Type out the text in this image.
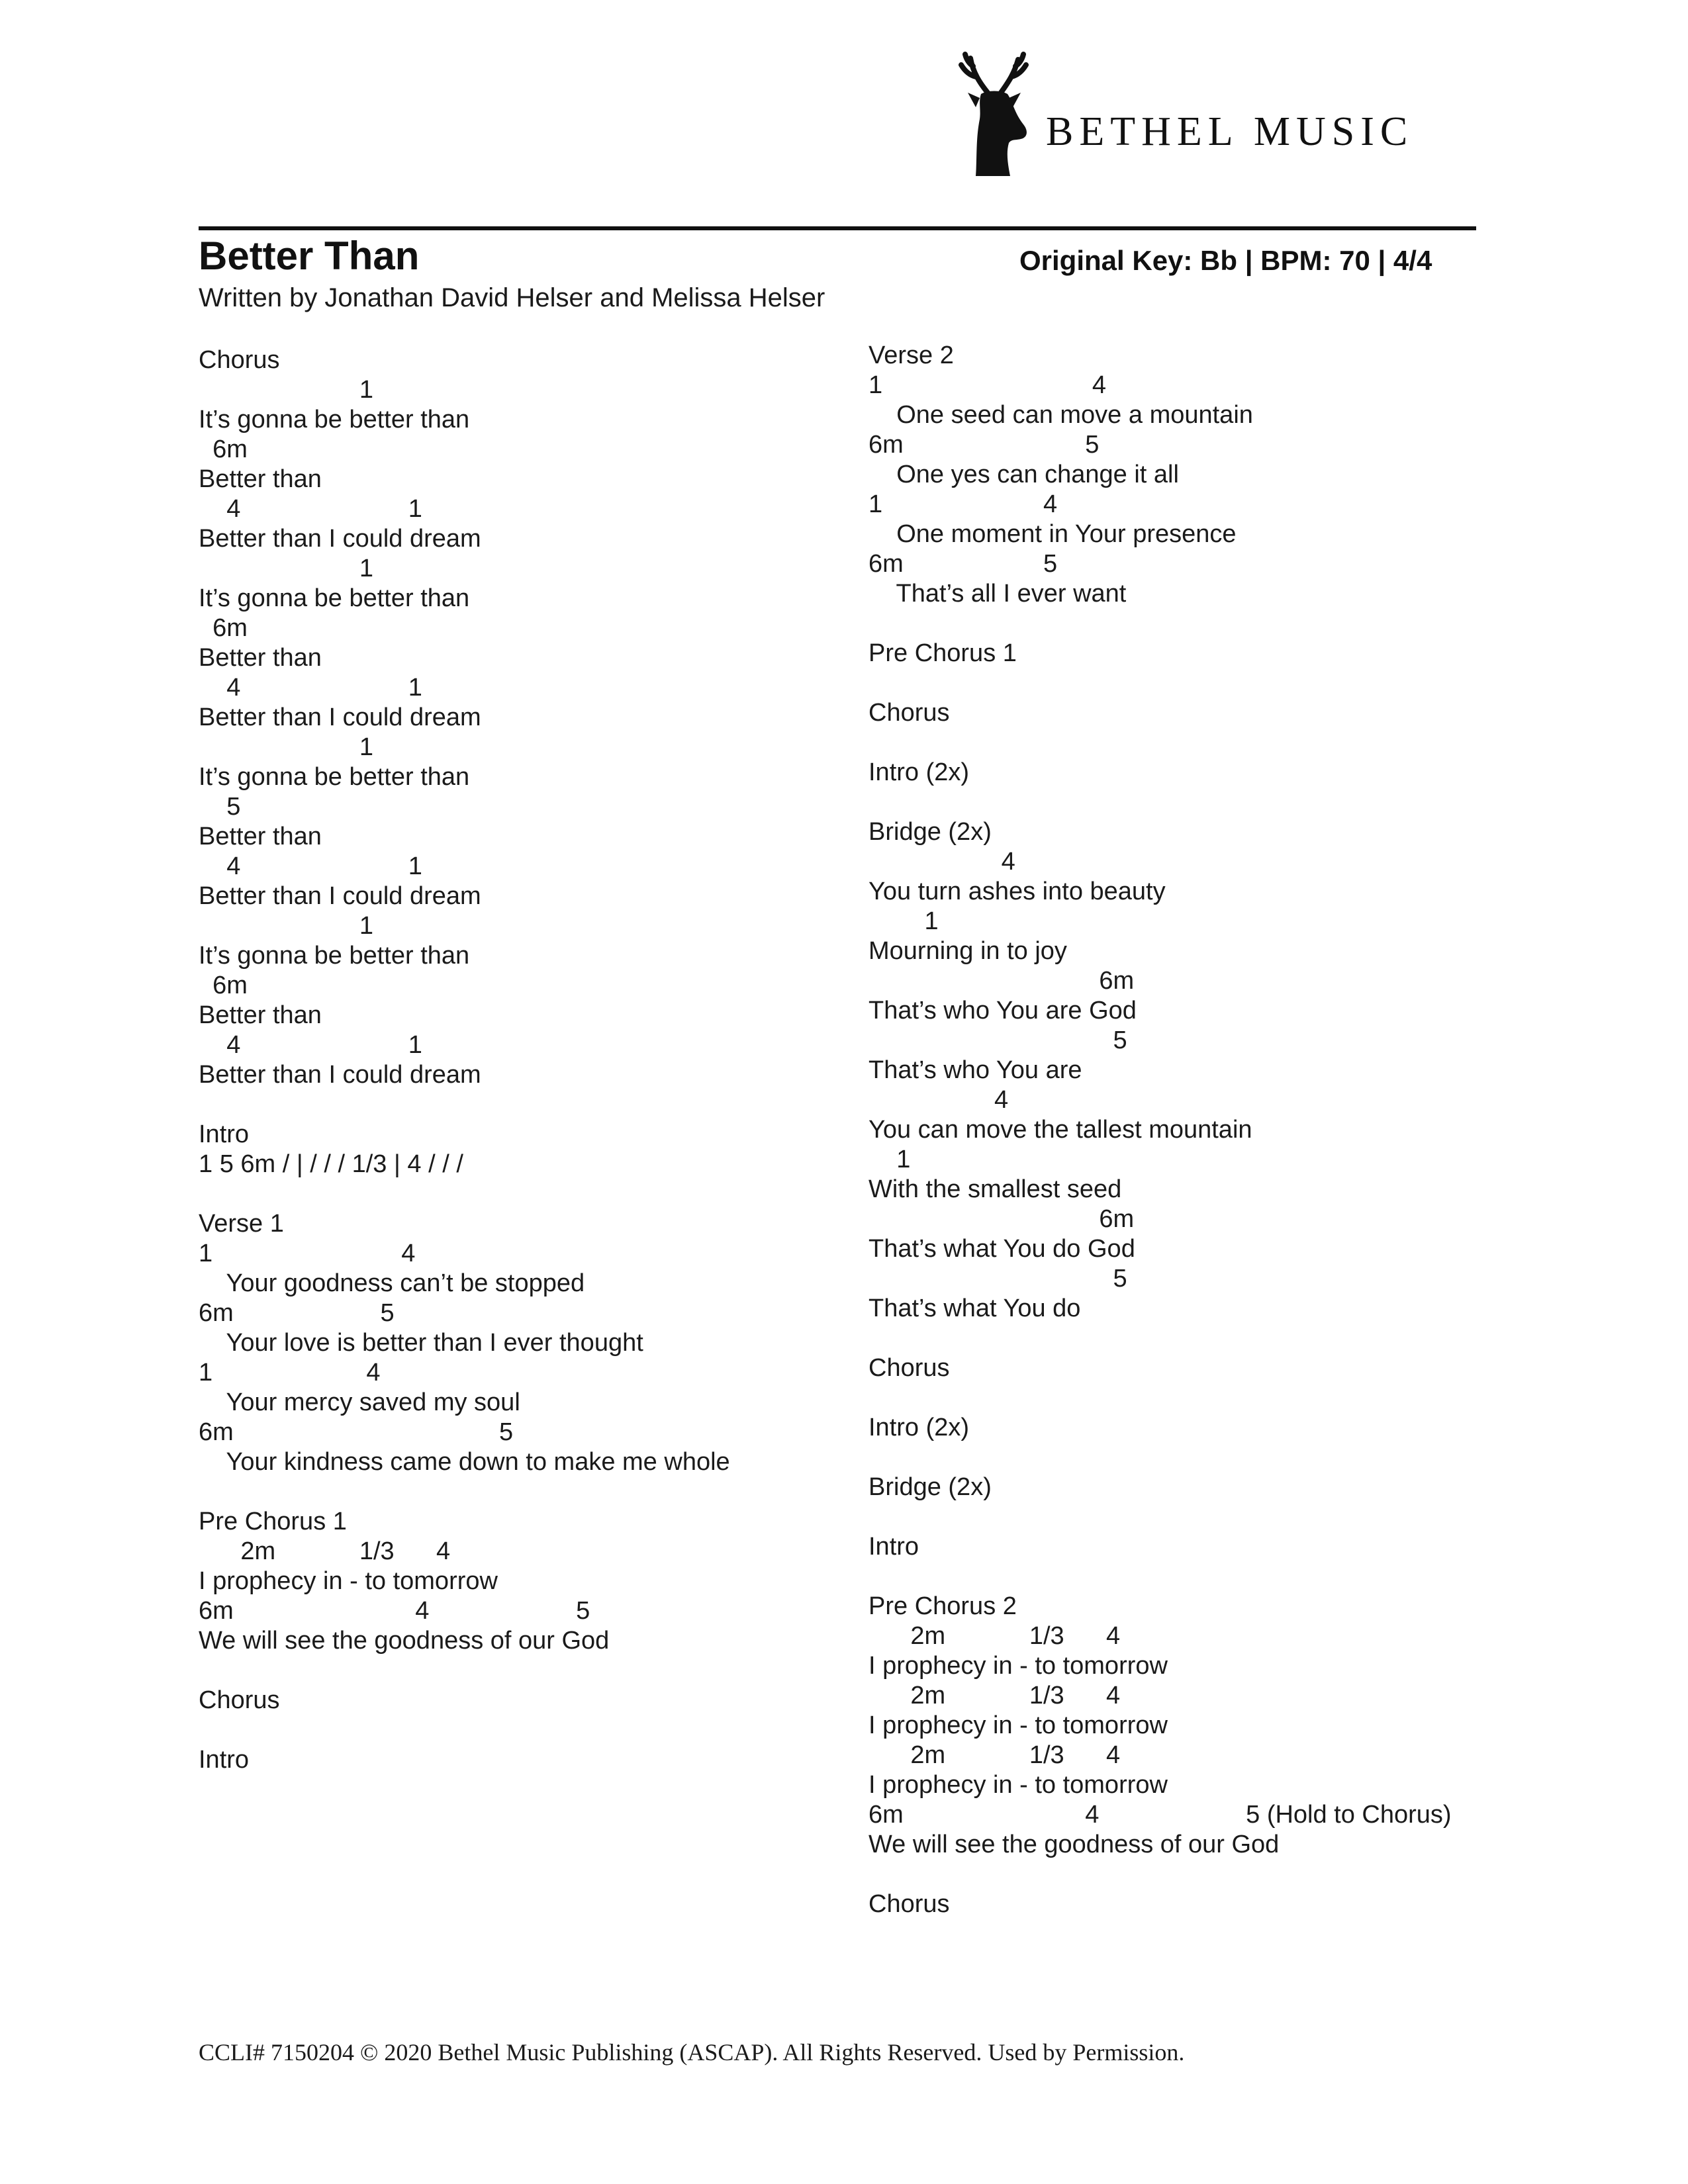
BETHEL MUSIC
Better Than	Original Key: Bb | BPM: 70 | 4/4
Written by Jonathan David Helser and Melissa Helser
Chorus
1
It’s gonna be better than
6m
Better than
4                        1
Better than I could dream
1
It’s gonna be better than
6m
Better than
4                        1
Better than I could dream
1
It’s gonna be better than
5
Better than
4                        1
Better than I could dream
1
It’s gonna be better than
6m
Better than
4                        1
Better than I could dream
Intro
1 5 6m / | / / / 1/3 | 4 / / /
Verse 1
1                           4
Your goodness can’t be stopped
6m                     5
Your love is better than I ever thought
1                      4
Your mercy saved my soul
6m                                      5
Your kindness came down to make me whole
Pre Chorus 1
2m            1/3      4
I prophecy in - to tomorrow
6m                          4                     5
We will see the goodness of our God
Chorus
Intro
Verse 2
1                              4
One seed can move a mountain
6m                          5
One yes can change it all
1                       4
One moment in Your presence
6m                    5
That’s all I ever want
Pre Chorus 1
Chorus
Intro (2x)
Bridge (2x)
4
You turn ashes into beauty
1
Mourning in to joy
6m
That’s who You are God
5
That’s who You are
4
You can move the tallest mountain
1
With the smallest seed
6m
That’s what You do God
5
That’s what You do
Chorus
Intro (2x)
Bridge (2x)
Intro
Pre Chorus 2
2m            1/3      4
I prophecy in - to tomorrow
2m            1/3      4
I prophecy in - to tomorrow
2m            1/3      4
I prophecy in - to tomorrow
6m                          4                     5 (Hold to Chorus)
We will see the goodness of our God
Chorus
CCLI# 7150204 © 2020 Bethel Music Publishing (ASCAP). All Rights Reserved. Used by Permission.
